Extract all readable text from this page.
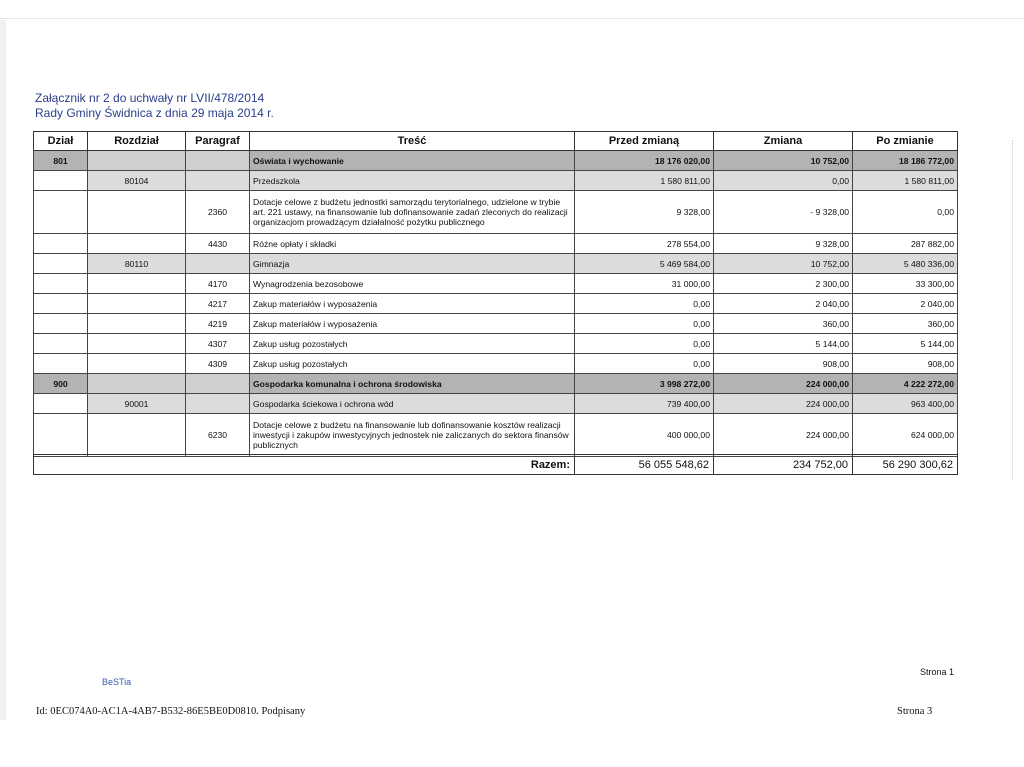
Załącznik nr 2 do uchwały nr LVII/478/2014
Rady Gminy Świdnica z dnia 29 maja 2014 r.
Dział	Rozdział	Paragraf	Treść	Przed zmianą	Zmiana	Po zmianie
801			Oświata i wychowanie	18 176 020,00	10 752,00	18 186 772,00
	80104		Przedszkola	1 580 811,00	0,00	1 580 811,00
		2360	Dotacje celowe z budżetu jednostki samorządu terytorialnego, udzielone w trybie art. 221 ustawy, na finansowanie lub dofinansowanie zadań zleconych do realizacji organizacjom prowadzącym działalność pożytku publicznego	9 328,00	- 9 328,00	0,00
		4430	Różne opłaty i składki	278 554,00	9 328,00	287 882,00
	80110		Gimnazja	5 469 584,00	10 752,00	5 480 336,00
		4170	Wynagrodzenia bezosobowe	31 000,00	2 300,00	33 300,00
		4217	Zakup materiałów i wyposażenia	0,00	2 040,00	2 040,00
		4219	Zakup materiałów i wyposażenia	0,00	360,00	360,00
		4307	Zakup usług pozostałych	0,00	5 144,00	5 144,00
		4309	Zakup usług pozostałych	0,00	908,00	908,00
900			Gospodarka komunalna i ochrona środowiska	3 998 272,00	224 000,00	4 222 272,00
	90001		Gospodarka ściekowa i ochrona wód	739 400,00	224 000,00	963 400,00
		6230	Dotacje celowe z budżetu na finansowanie lub dofinansowanie kosztów realizacji inwestycji i zakupów inwestycyjnych jednostek nie zaliczanych do sektora finansów publicznych	400 000,00	224 000,00	624 000,00
Razem:	56 055 548,62	234 752,00	56 290 300,62
BeSTia
Strona 1
Id: 0EC074A0-AC1A-4AB7-B532-86E5BE0D0810. Podpisany	Strona 3
